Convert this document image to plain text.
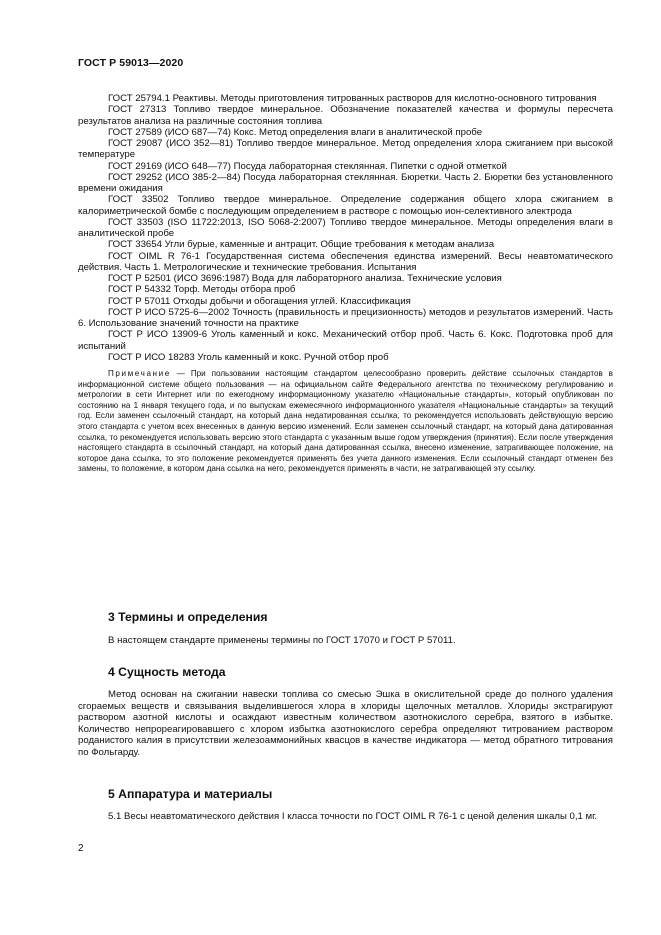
ГОСТ Р 59013—2020

ГОСТ 25794.1 Реактивы. Методы приготовления титрованных растворов для кислотно-основного титрования

ГОСТ 27313 Топливо твердое минеральное. Обозначение показателей качества и формулы пересчета результатов анализа на различные состояния топлива

ГОСТ 27589 (ИСО 687—74) Кокс. Метод определения влаги в аналитической пробе

ГОСТ 29087 (ИСО 352—81) Топливо твердое минеральное. Метод определения хлора сжиганием при высокой температуре

ГОСТ 29169 (ИСО 648—77) Посуда лабораторная стеклянная. Пипетки с одной отметкой

ГОСТ 29252 (ИСО 385-2—84) Посуда лабораторная стеклянная. Бюретки. Часть 2. Бюретки без установленного времени ожидания

ГОСТ 33502 Топливо твердое минеральное. Определение содержания общего хлора сжиганием в калориметрической бомбе с последующим определением в растворе с помощью ион-селективного электрода

ГОСТ 33503 (ISO 11722:2013, ISO 5068-2:2007) Топливо твердое минеральное. Методы определения влаги в аналитической пробе

ГОСТ 33654 Угли бурые, каменные и антрацит. Общие требования к методам анализа

ГОСТ OIML R 76-1 Государственная система обеспечения единства измерений. Весы неавтоматического действия. Часть 1. Метрологические и технические требования. Испытания

ГОСТ Р 52501 (ИСО 3696:1987) Вода для лабораторного анализа. Технические условия

ГОСТ Р 54332 Торф. Методы отбора проб

ГОСТ Р 57011 Отходы добычи и обогащения углей. Классификация

ГОСТ Р ИСО 5725-6—2002 Точность (правильность и прецизионность) методов и результатов измерений. Часть 6. Использование значений точности на практике

ГОСТ Р ИСО 13909-6 Уголь каменный и кокс. Механический отбор проб. Часть 6. Кокс. Подготовка проб для испытаний

ГОСТ Р ИСО 18283 Уголь каменный и кокс. Ручной отбор проб

Примечание — При пользовании настоящим стандартом целесообразно проверить действие ссылочных стандартов в информационной системе общего пользования — на официальном сайте Федерального агентства по техническому регулированию и метрологии в сети Интернет или по ежегодному информационному указателю «Национальные стандарты», который опубликован по состоянию на 1 января текущего года, и по выпускам ежемесячного информационного указателя «Национальные стандарты» за текущий год. Если заменен ссылочный стандарт, на который дана недатированная ссылка, то рекомендуется использовать действующую версию этого стандарта с учетом всех внесенных в данную версию изменений. Если заменен ссылочный стандарт, на который дана датированная ссылка, то рекомендуется использовать версию этого стандарта с указанным выше годом утверждения (принятия). Если после утверждения настоящего стандарта в ссылочный стандарт, на который дана датированная ссылка, внесено изменение, затрагивающее положение, на которое дана ссылка, то это положение рекомендуется применять без учета данного изменения. Если ссылочный стандарт отменен без замены, то положение, в котором дана ссылка на него, рекомендуется применять в части, не затрагивающей эту ссылку.

3 Термины и определения

В настоящем стандарте применены термины по ГОСТ 17070 и ГОСТ Р 57011.

4 Сущность метода

Метод основан на сжигании навески топлива со смесью Эшка в окислительной среде до полного удаления сгораемых веществ и связывания выделившегося хлора в хлориды щелочных металлов. Хлориды экстрагируют раствором азотной кислоты и осаждают известным количеством азотнокислого серебра, взятого в избытке. Количество непрореагировавшего с хлором избытка азотнокислого серебра определяют титрованием раствором роданистого калия в присутствии железоаммонийных квасцов в качестве индикатора — метод обратного титрования по Фольгарду.

5 Аппаратура и материалы

5.1 Весы неавтоматического действия I класса точности по ГОСТ OIML R 76-1 с ценой деления шкалы 0,1 мг.

2
